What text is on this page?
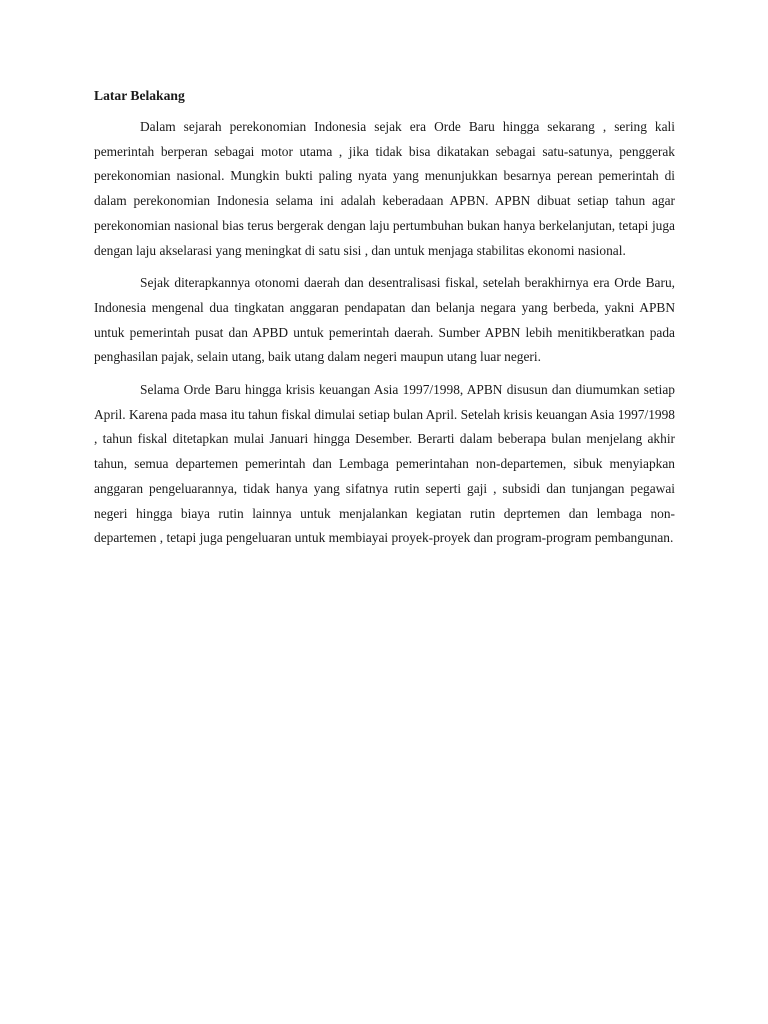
Latar Belakang

Dalam sejarah perekonomian Indonesia sejak era Orde Baru hingga sekarang , sering kali pemerintah berperan sebagai motor utama , jika tidak bisa dikatakan sebagai satu-satunya, penggerak perekonomian nasional. Mungkin bukti paling nyata yang menunjukkan besarnya perean pemerintah di dalam perekonomian Indonesia selama ini adalah keberadaan APBN. APBN dibuat setiap tahun agar perekonomian nasional bias terus bergerak dengan laju pertumbuhan bukan hanya berkelanjutan, tetapi juga dengan laju akselarasi yang meningkat di satu sisi , dan untuk menjaga stabilitas ekonomi nasional.

Sejak diterapkannya otonomi daerah dan desentralisasi fiskal, setelah berakhirnya era Orde Baru, Indonesia mengenal dua tingkatan anggaran pendapatan dan belanja negara yang berbeda, yakni APBN untuk pemerintah pusat dan APBD untuk pemerintah daerah. Sumber APBN lebih menitikberatkan pada penghasilan pajak, selain utang, baik utang dalam negeri maupun utang luar negeri.

Selama Orde Baru hingga krisis keuangan Asia 1997/1998, APBN disusun dan diumumkan setiap April. Karena pada masa itu tahun fiskal dimulai setiap bulan April. Setelah krisis keuangan Asia 1997/1998 , tahun fiskal ditetapkan mulai Januari hingga Desember. Berarti dalam beberapa bulan menjelang akhir tahun, semua departemen pemerintah dan Lembaga pemerintahan non-departemen, sibuk menyiapkan anggaran pengeluarannya, tidak hanya yang sifatnya rutin seperti gaji , subsidi dan tunjangan pegawai negeri hingga biaya rutin lainnya untuk menjalankan kegiatan rutin deprtemen dan lembaga non-departemen , tetapi juga pengeluaran untuk membiayai proyek-proyek dan program-program pembangunan.
